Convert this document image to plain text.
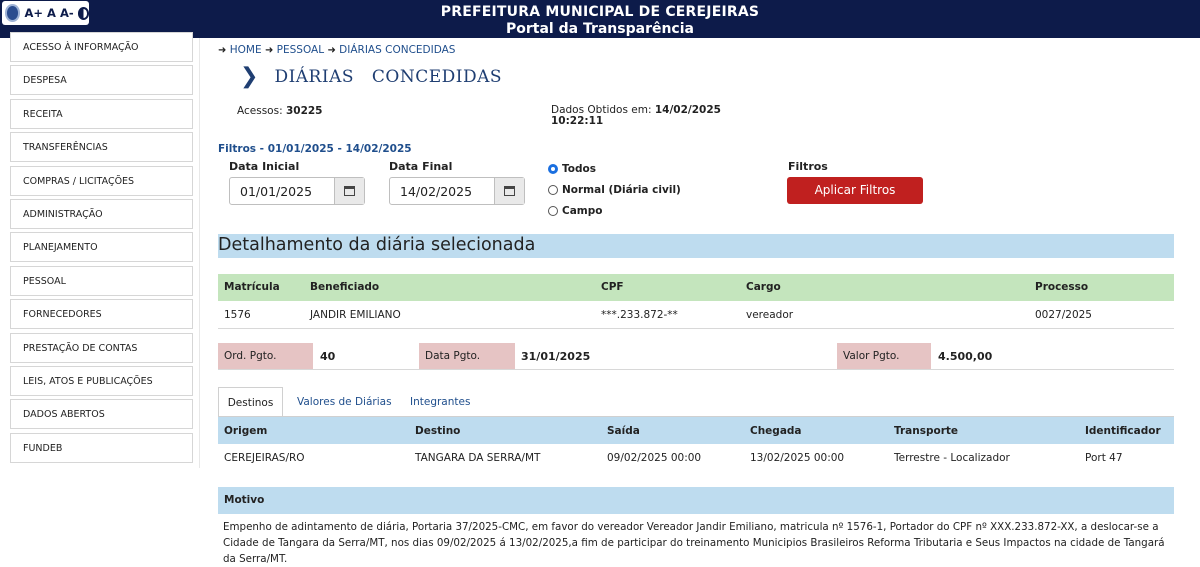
PREFEITURA MUNICIPAL DE CEREJEIRAS
Portal da Transparência
A+ A A-
ACESSO À INFORMAÇÃO
DESPESA
RECEITA
TRANSFERÊNCIAS
COMPRAS / LICITAÇÕES
ADMINISTRAÇÃO
PLANEJAMENTO
PESSOAL
FORNECEDORES
PRESTAÇÃO DE CONTAS
LEIS, ATOS E PUBLICAÇÕES
DADOS ABERTOS
FUNDEB
➜ HOME ➜ PESSOAL ➜ DIÁRIAS CONCEDIDAS
❯ DIÁRIAS CONCEDIDAS
Acessos: 30225	Dados Obtidos em: 14/02/2025
10:22:11
Filtros - 01/01/2025 - 14/02/2025
Data Inicial
01/01/2025
Data Final
14/02/2025
Todos
Normal (Diária civil)
Campo
Filtros
Aplicar Filtros
Detalhamento da diária selecionada
Matrícula	Beneficiado	CPF	Cargo	Processo
1576	JANDIR EMILIANO	***.233.872-**	vereador	0027/2025
Ord. Pgto.	40	Data Pgto.	31/01/2025	Valor Pgto.	4.500,00
Destinos	Valores de Diárias Integrantes
Origem	Destino	Saída	Chegada	Transporte	Identificador
CEREJEIRAS/RO	TANGARA DA SERRA/MT	09/02/2025 00:00	13/02/2025 00:00	Terrestre - Localizador	Port 47
Motivo
Empenho de adintamento de diária, Portaria 37/2025-CMC, em favor do vereador Vereador Jandir Emiliano, matricula nº 1576-1, Portador do CPF nº XXX.233.872-XX, a deslocar-se a Cidade de Tangara da Serra/MT, nos dias 09/02/2025 á 13/02/2025,a fim de participar do treinamento Municipios Brasileiros Reforma Tributaria e Seus Impactos na cidade de Tangará da Serra/MT.
